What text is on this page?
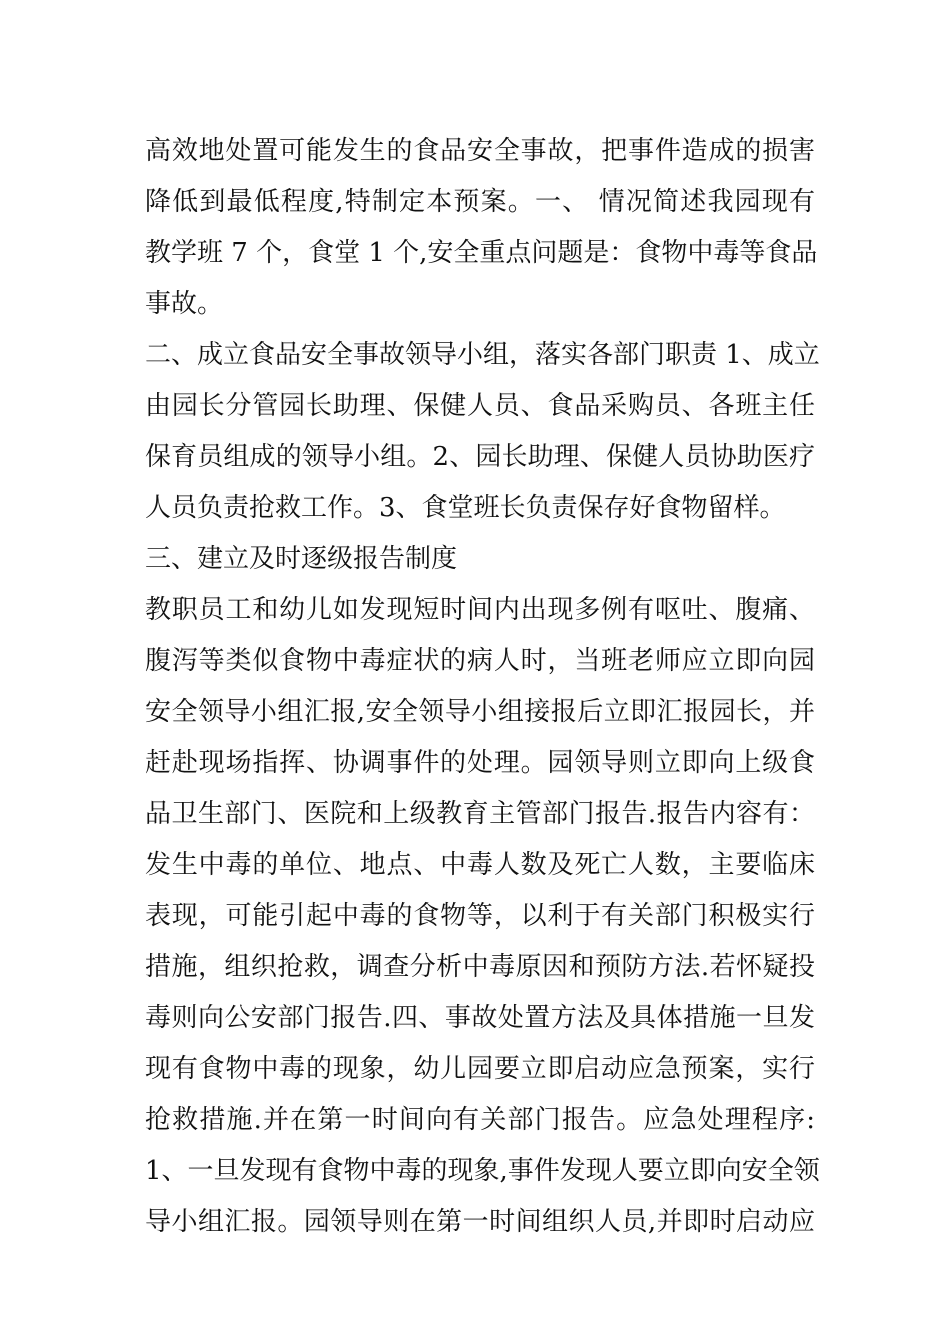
高效地处置可能发生的食品安全事故，把事件造成的损害
降低到最低程度,特制定本预案。一、 情况简述我园现有
教学班 7 个，食堂 1 个,安全重点问题是：食物中毒等食品
事故。
二、成立食品安全事故领导小组，落实各部门职责 1、成立
由园长分管园长助理、保健人员、食品采购员、各班主任
保育员组成的领导小组。2、园长助理、保健人员协助医疗
人员负责抢救工作。3、食堂班长负责保存好食物留样。
三、建立及时逐级报告制度
教职员工和幼儿如发现短时间内出现多例有呕吐、腹痛、
腹泻等类似食物中毒症状的病人时，当班老师应立即向园
安全领导小组汇报,安全领导小组接报后立即汇报园长，并
赶赴现场指挥、协调事件的处理。园领导则立即向上级食
品卫生部门、医院和上级教育主管部门报告.报告内容有：
发生中毒的单位、地点、中毒人数及死亡人数，主要临床
表现，可能引起中毒的食物等，以利于有关部门积极实行
措施，组织抢救，调查分析中毒原因和预防方法.若怀疑投
毒则向公安部门报告.四、事故处置方法及具体措施一旦发
现有食物中毒的现象，幼儿园要立即启动应急预案，实行
抢救措施.并在第一时间向有关部门报告。应急处理程序:
1、一旦发现有食物中毒的现象,事件发现人要立即向安全领
导小组汇报。园领导则在第一时间组织人员,并即时启动应
